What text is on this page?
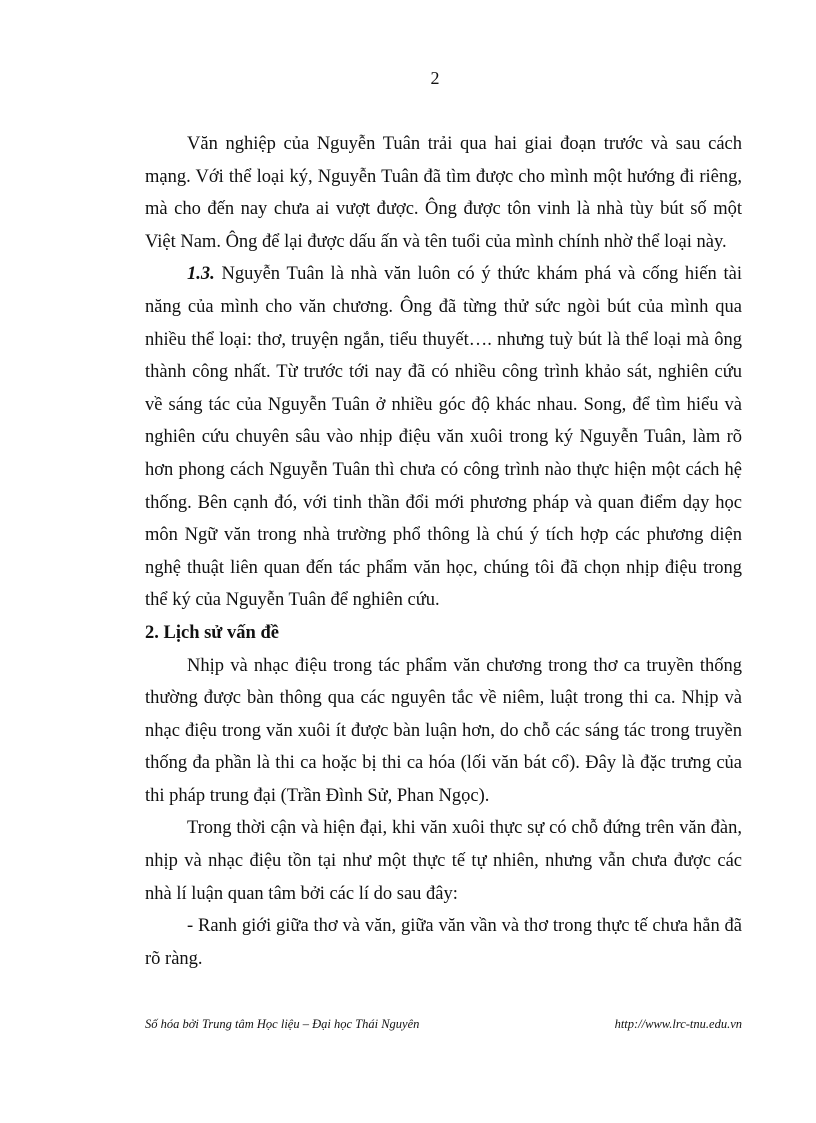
2

Văn nghiệp của Nguyễn Tuân trải qua hai giai đoạn trước và sau cách mạng. Với thể loại ký, Nguyễn Tuân đã tìm được cho mình một hướng đi riêng, mà cho đến nay chưa ai vượt được. Ông được tôn vinh là nhà tùy bút số một Việt Nam. Ông để lại được dấu ấn và tên tuổi của mình chính nhờ thể loại này.

1.3. Nguyễn Tuân là nhà văn luôn có ý thức khám phá và cống hiến tài năng của mình cho văn chương. Ông đã từng thử sức ngòi bút của mình qua nhiều thể loại: thơ, truyện ngắn, tiểu thuyết…. nhưng tuỳ bút là thể loại mà ông thành công nhất. Từ trước tới nay đã có nhiều công trình khảo sát, nghiên cứu về sáng tác của Nguyễn Tuân ở nhiều góc độ khác nhau. Song, để tìm hiểu và nghiên cứu chuyên sâu vào nhịp điệu văn xuôi trong ký Nguyễn Tuân, làm rõ hơn phong cách Nguyễn Tuân thì chưa có công trình nào thực hiện một cách hệ thống. Bên cạnh đó, với tinh thần đổi mới phương pháp và quan điểm dạy học môn Ngữ văn trong nhà trường phổ thông là chú ý tích hợp các phương diện nghệ thuật liên quan đến tác phẩm văn học, chúng tôi đã chọn nhịp điệu trong thể ký của Nguyễn Tuân để nghiên cứu.

2. Lịch sử vấn đề

Nhịp và nhạc điệu trong tác phẩm văn chương trong thơ ca truyền thống thường được bàn thông qua các nguyên tắc về niêm, luật trong thi ca. Nhịp và nhạc điệu trong văn xuôi ít được bàn luận hơn, do chỗ các sáng tác trong truyền thống đa phần là thi ca hoặc bị thi ca hóa (lối văn bát cổ). Đây là đặc trưng của thi pháp trung đại (Trần Đình Sử, Phan Ngọc).

Trong thời cận và hiện đại, khi văn xuôi thực sự có chỗ đứng trên văn đàn, nhịp và nhạc điệu tồn tại như một thực tế tự nhiên, nhưng vẫn chưa được các nhà lí luận quan tâm bởi các lí do sau đây:

- Ranh giới giữa thơ và văn, giữa văn vần và thơ trong thực tế chưa hẳn đã rõ ràng.

Số hóa bởi Trung tâm Học liệu – Đại học Thái Nguyên	http://www.lrc-tnu.edu.vn
